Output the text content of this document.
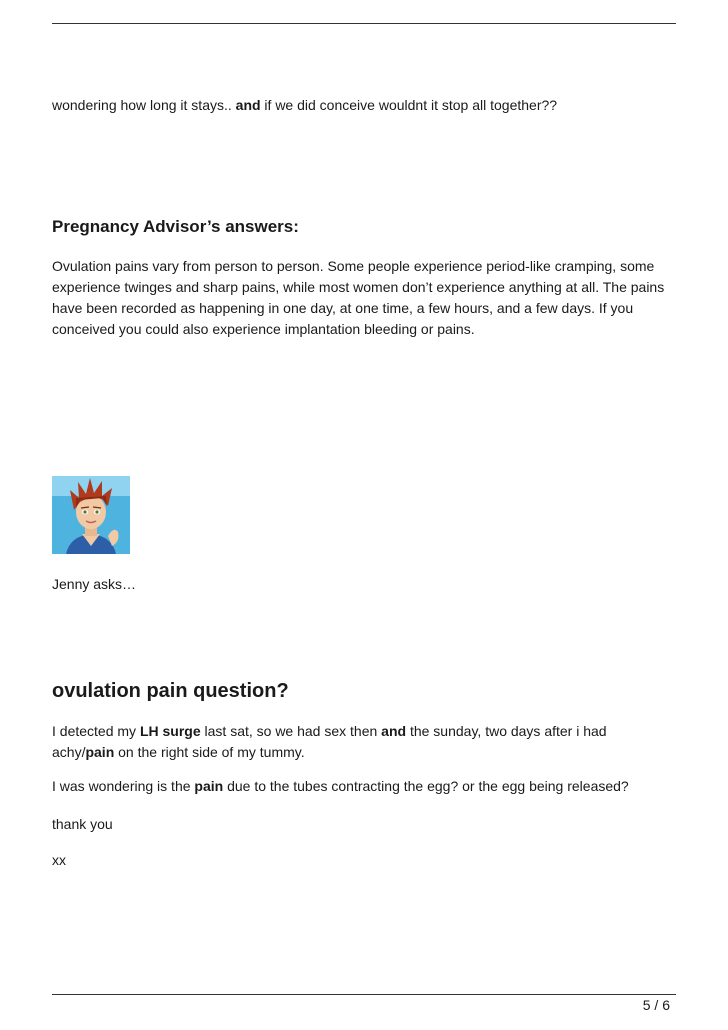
wondering how long it stays.. and if we did conceive wouldnt it stop all together??

Pregnancy Advisor’s answers:

Ovulation pains vary from person to person. Some people experience period-like cramping, some experience twinges and sharp pains, while most women don’t experience anything at all. The pains have been recorded as happening in one day, at one time, a few hours, and a few days. If you conceived you could also experience implantation bleeding or pains.

Jenny asks…

ovulation pain question?

I detected my LH surge last sat, so we had sex then and the sunday, two days after i had achy/pain on the right side of my tummy.

I was wondering is the pain due to the tubes contracting the egg? or the egg being released?

thank you

xx

5 / 6
